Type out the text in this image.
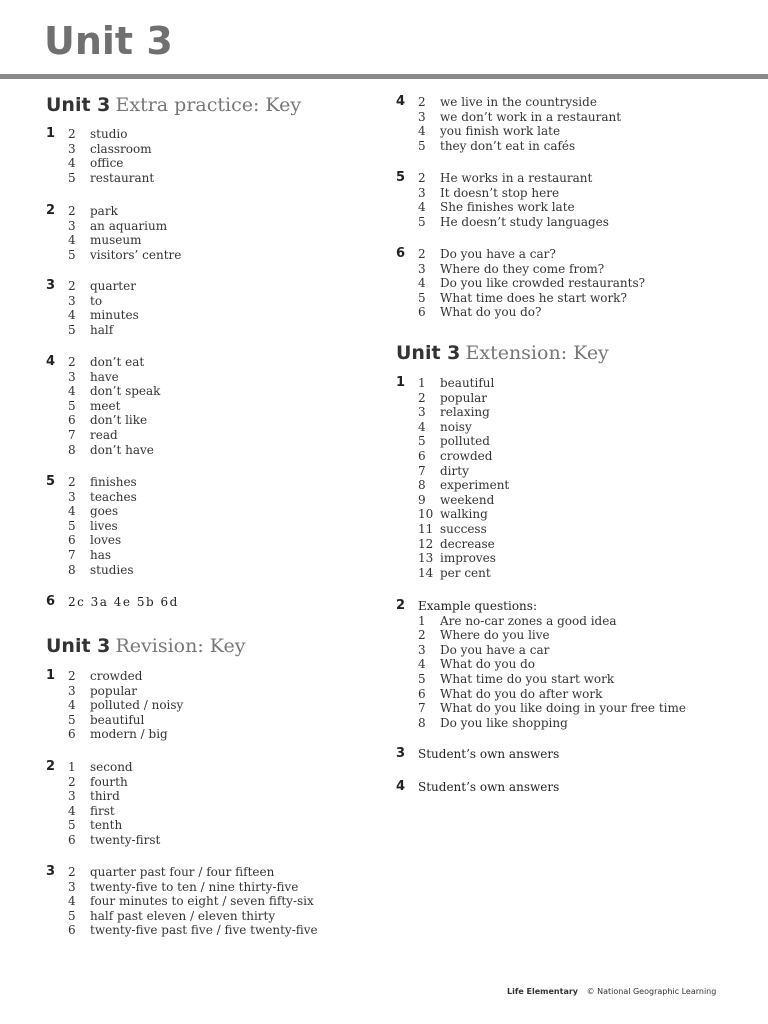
Unit 3
Unit 3 Extra practice: Key
1 2 studio
3 classroom
4 office
5 restaurant
2 2 park
3 an aquarium
4 museum
5 visitors’ centre
3 2 quarter
3 to
4 minutes
5 half
4 2 don’t eat
3 have
4 don’t speak
5 meet
6 don’t like
7 read
8 don’t have
5 2 finishes
3 teaches
4 goes
5 lives
6 loves
7 has
8 studies
6 2c 3a 4e 5b 6d
Unit 3 Revision: Key
1 2 crowded
3 popular
4 polluted / noisy
5 beautiful
6 modern / big
2 1 second
2 fourth
3 third
4 first
5 tenth
6 twenty-first
3 2 quarter past four / four fifteen
3 twenty-five to ten / nine thirty-five
4 four minutes to eight / seven fifty-six
5 half past eleven / eleven thirty
6 twenty-five past five / five twenty-five
4 2 we live in the countryside
3 we don’t work in a restaurant
4 you finish work late
5 they don’t eat in cafés
5 2 He works in a restaurant
3 It doesn’t stop here
4 She finishes work late
5 He doesn’t study languages
6 2 Do you have a car?
3 Where do they come from?
4 Do you like crowded restaurants?
5 What time does he start work?
6 What do you do?
Unit 3 Extension: Key
1 1 beautiful
2 popular
3 relaxing
4 noisy
5 polluted
6 crowded
7 dirty
8 experiment
9 weekend
10 walking
11 success
12 decrease
13 improves
14 per cent
2 Example questions:
1 Are no-car zones a good idea
2 Where do you live
3 Do you have a car
4 What do you do
5 What time do you start work
6 What do you do after work
7 What do you like doing in your free time
8 Do you like shopping
3 Student’s own answers
4 Student’s own answers
Life Elementary © National Geographic Learning
